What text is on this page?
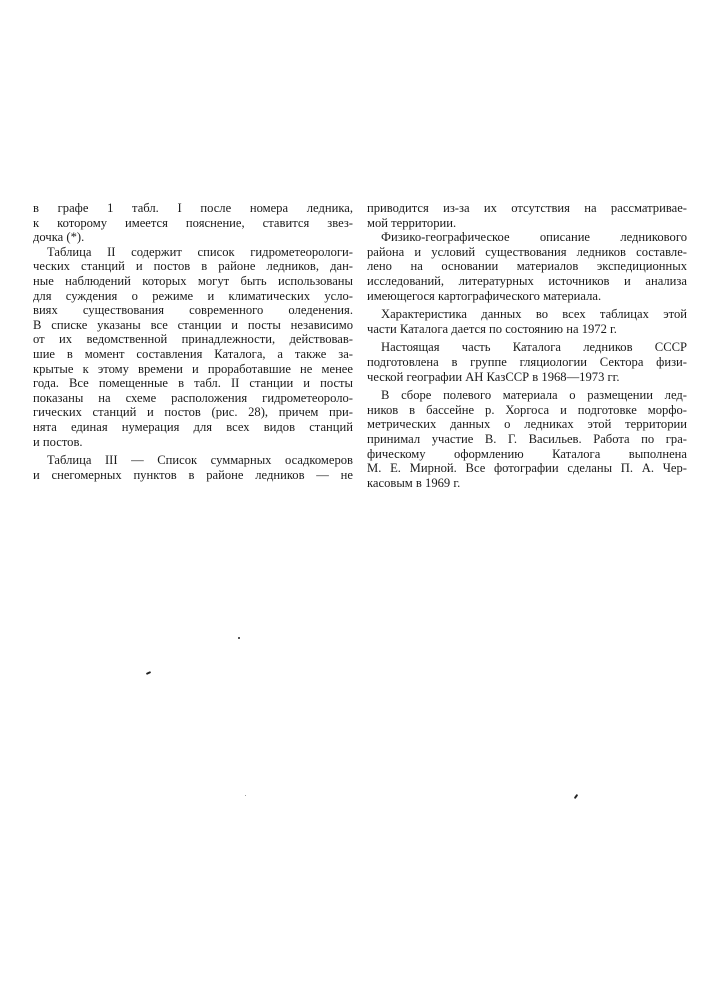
в графе 1 табл. I после номера ледника,
к которому имеется пояснение, ставится звез-
дочка (*).
Таблица II содержит список гидрометеорологи-
ческих станций и постов в районе ледников, дан-
ные наблюдений которых могут быть использованы
для суждения о режиме и климатических усло-
виях существования современного оледенения.
В списке указаны все станции и посты независимо
от их ведомственной принадлежности, действовав-
шие в момент составления Каталога, а также за-
крытые к этому времени и проработавшие не менее
года. Все помещенные в табл. II станции и посты
показаны на схеме расположения гидрометеороло-
гических станций и постов (рис. 28), причем при-
нята единая нумерация для всех видов станций
и постов.
Таблица III — Список суммарных осадкомеров
и снегомерных пунктов в районе ледников — не
приводится из-за их отсутствия на рассматривае-
мой территории.
Физико-географическое описание ледникового
района и условий существования ледников составле-
лено на основании материалов экспедиционных
исследований, литературных источников и анализа
имеющегося картографического материала.
Характеристика данных во всех таблицах этой
части Каталога дается по состоянию на 1972 г.
Настоящая часть Каталога ледников СССР
подготовлена в группе гляциологии Сектора физи-
ческой географии АН КазССР в 1968—1973 гг.
В сборе полевого материала о размещении лед-
ников в бассейне р. Хоргоса и подготовке морфо-
метрических данных о ледниках этой территории
принимал участие В. Г. Васильев. Работа по гра-
фическому оформлению Каталога выполнена
М. Е. Мирной. Все фотографии сделаны П. А. Чер-
касовым в 1969 г.
